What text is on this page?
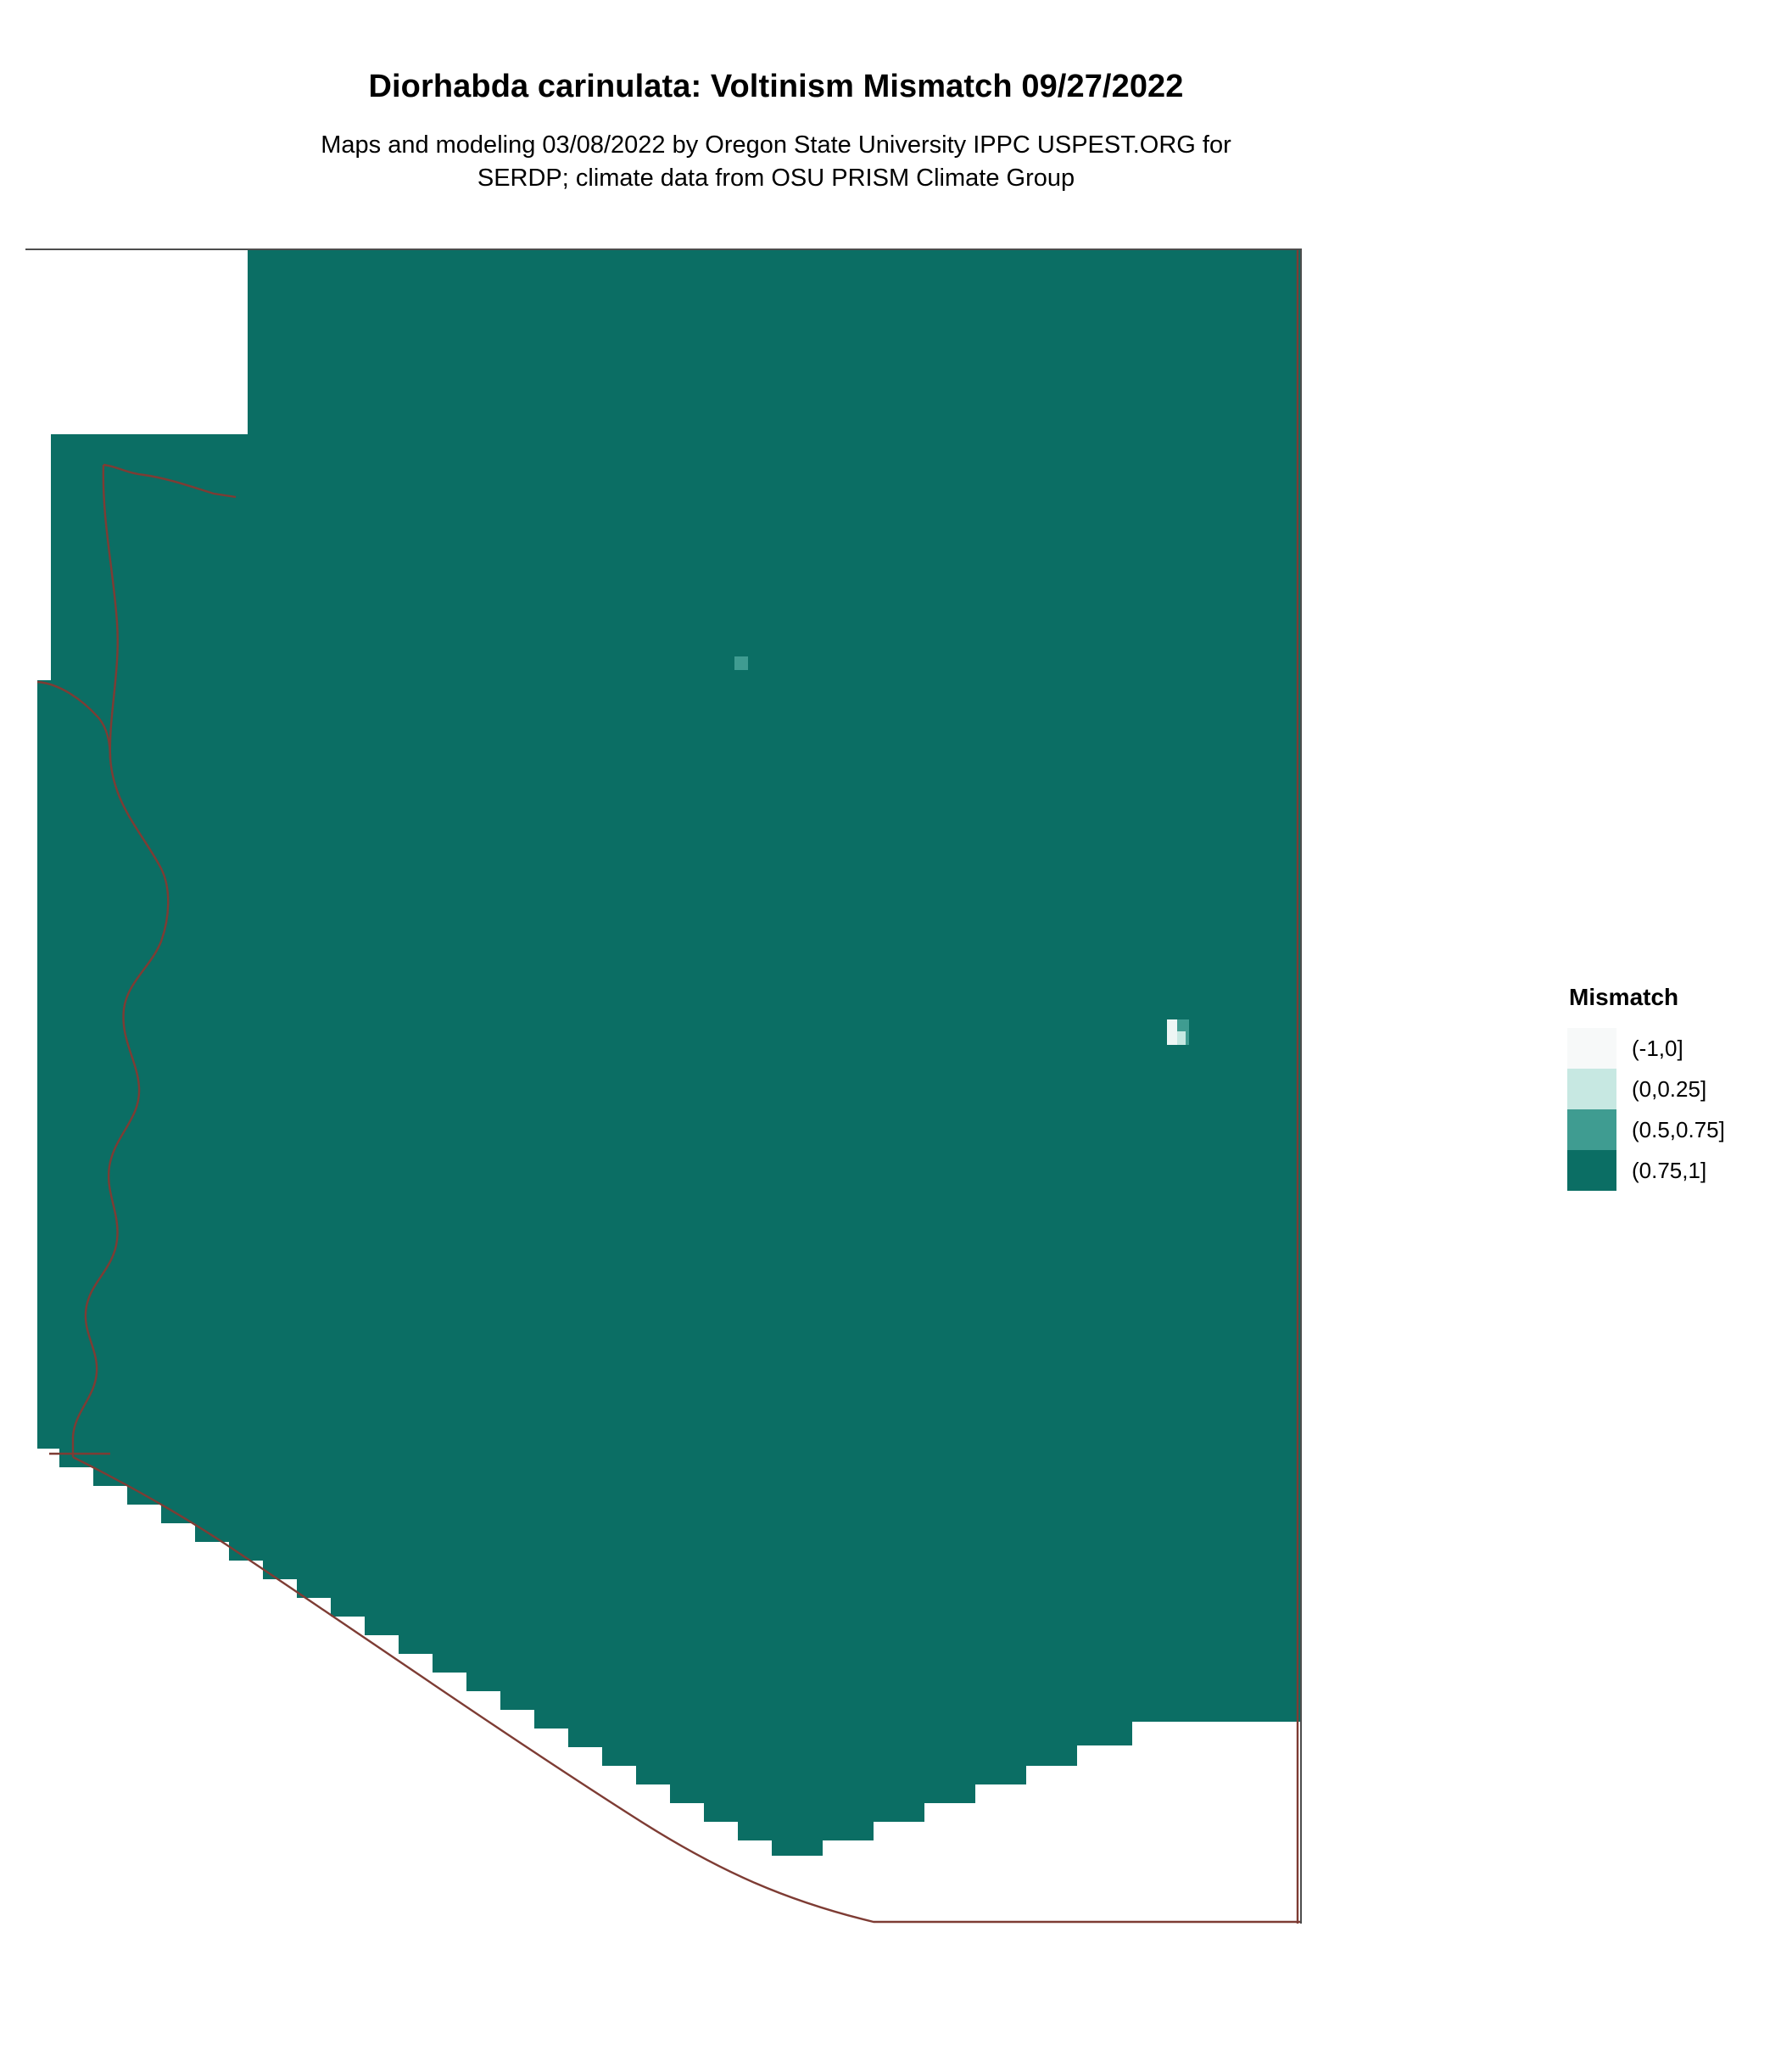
Diorhabda carinulata: Voltinism Mismatch 09/27/2022

Maps and modeling 03/08/2022 by Oregon State University IPPC USPEST.ORG for
SERDP; climate data from OSU PRISM Climate Group

Mismatch
(-1,0]
(0,0.25]
(0.5,0.75]
(0.75,1]
